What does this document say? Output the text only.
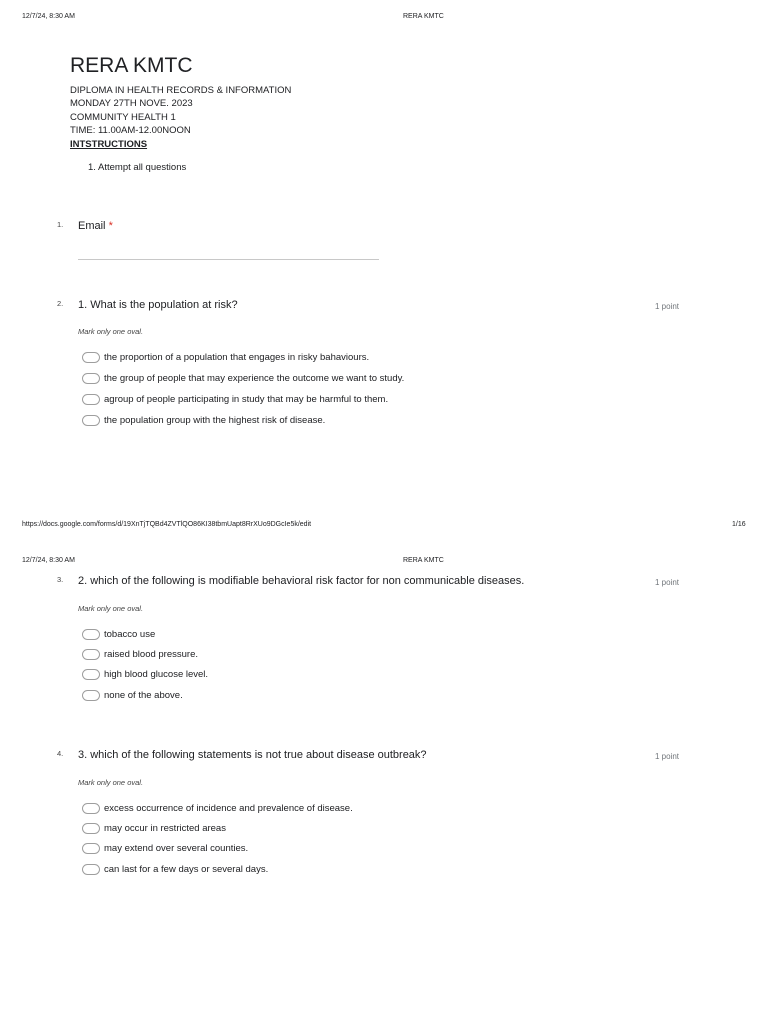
12/7/24, 8:30 AM	RERA KMTC
RERA KMTC
DIPLOMA IN HEALTH RECORDS & INFORMATION
MONDAY 27TH NOVE. 2023
COMMUNITY HEALTH 1
TIME: 11.00AM-12.00NOON
INTSTRUCTIONS
1. Attempt all questions
1. Email *
2. 1. What is the population at risk?	1 point
Mark only one oval.
the proportion of a population that engages in risky bahaviours.
the group of people that may experience the outcome we want to study.
agroup of people participating in study that may be harmful to them.
the population group with the highest risk of disease.
https://docs.google.com/forms/d/19XnTjTQBd4ZVTlQO86KI38tbmUapt8RrXUo9DGcIe5k/edit	1/16
12/7/24, 8:30 AM	RERA KMTC
3. 2. which of the following is modifiable behavioral risk factor for non communicable diseases.	1 point
Mark only one oval.
tobacco use
raised blood pressure.
high blood glucose level.
none of the above.
4. 3. which of the following statements is not true about disease outbreak?	1 point
Mark only one oval.
excess occurrence of incidence and prevalence of disease.
may occur in restricted areas
may extend over several counties.
can last for a few days or several days.
